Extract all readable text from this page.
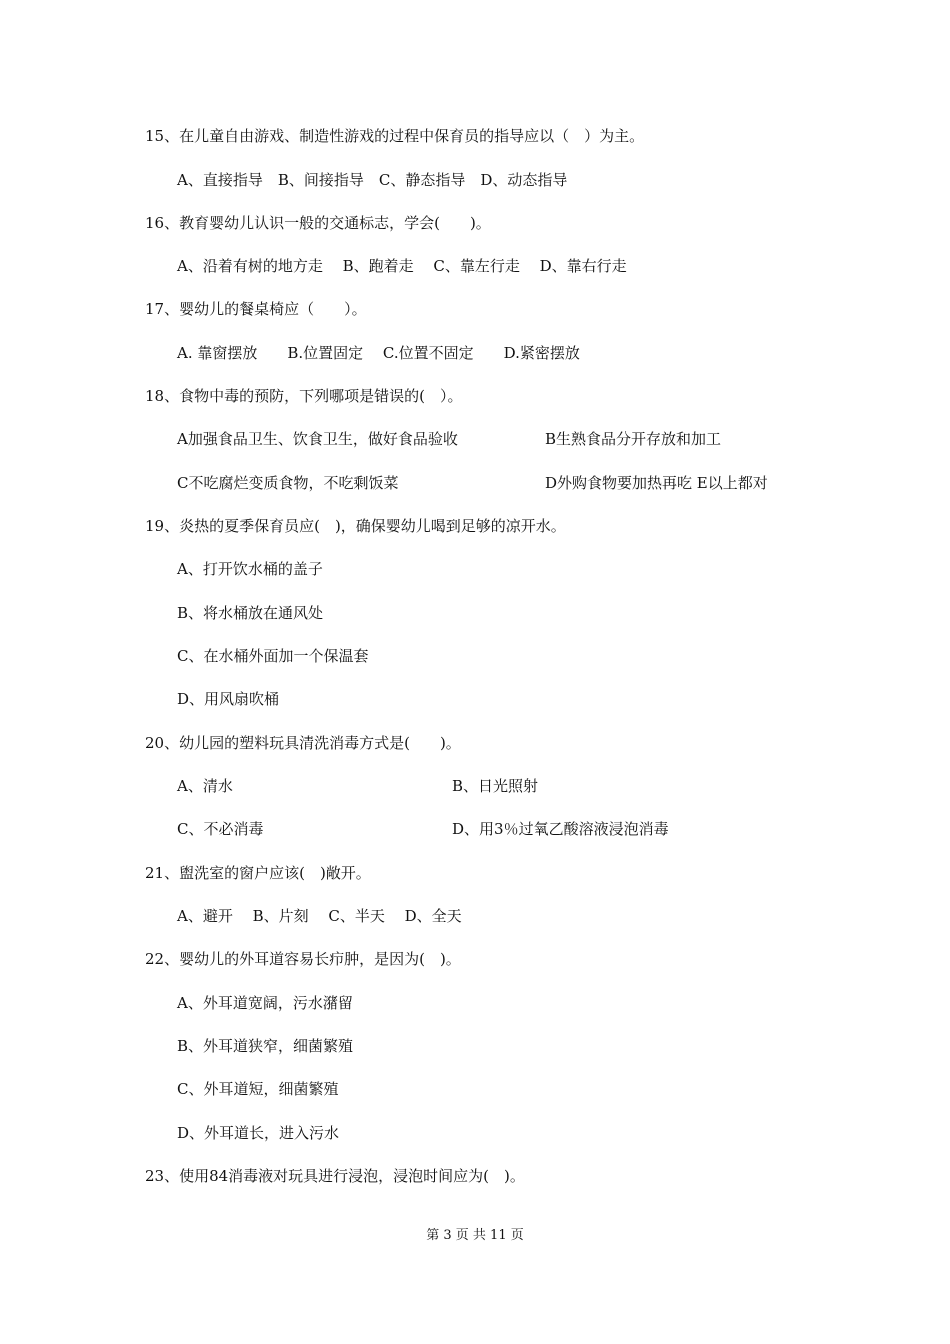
15、在儿童自由游戏、制造性游戏的过程中保育员的指导应以（　）为主。
A、直接指导　B、间接指导　C、静态指导　D、动态指导
16、教育婴幼儿认识一般的交通标志，学会(　　)。
A、沿着有树的地方走　 B、跑着走　 C、靠左行走　 D、靠右行走
17、婴幼儿的餐桌椅应（　　）。
A. 靠窗摆放　　B.位置固定　 C.位置不固定　　D.紧密摆放
18、食物中毒的预防，下列哪项是错误的(　）。
A加强食品卫生、饮食卫生，做好食品验收	B生熟食品分开存放和加工
C不吃腐烂变质食物，不吃剩饭菜	D外购食物要加热再吃 E以上都对
19、炎热的夏季保育员应(　)，确保婴幼儿喝到足够的凉开水。
A、打开饮水桶的盖子
B、将水桶放在通风处
C、在水桶外面加一个保温套
D、用风扇吹桶
20、幼儿园的塑料玩具清洗消毒方式是(　　)。
A、清水	B、日光照射
C、不必消毒	D、用3％过氧乙酸溶液浸泡消毒
21、盥洗室的窗户应该(　)敞开。
A、避开　 B、片刻　 C、半天　 D、全天
22、婴幼儿的外耳道容易长疖肿，是因为(　)。
A、外耳道宽阔，污水潴留
B、外耳道狭窄，细菌繁殖
C、外耳道短，细菌繁殖
D、外耳道长，进入污水
23、使用84消毒液对玩具进行浸泡，浸泡时间应为(　)。
第 3 页 共 11 页
